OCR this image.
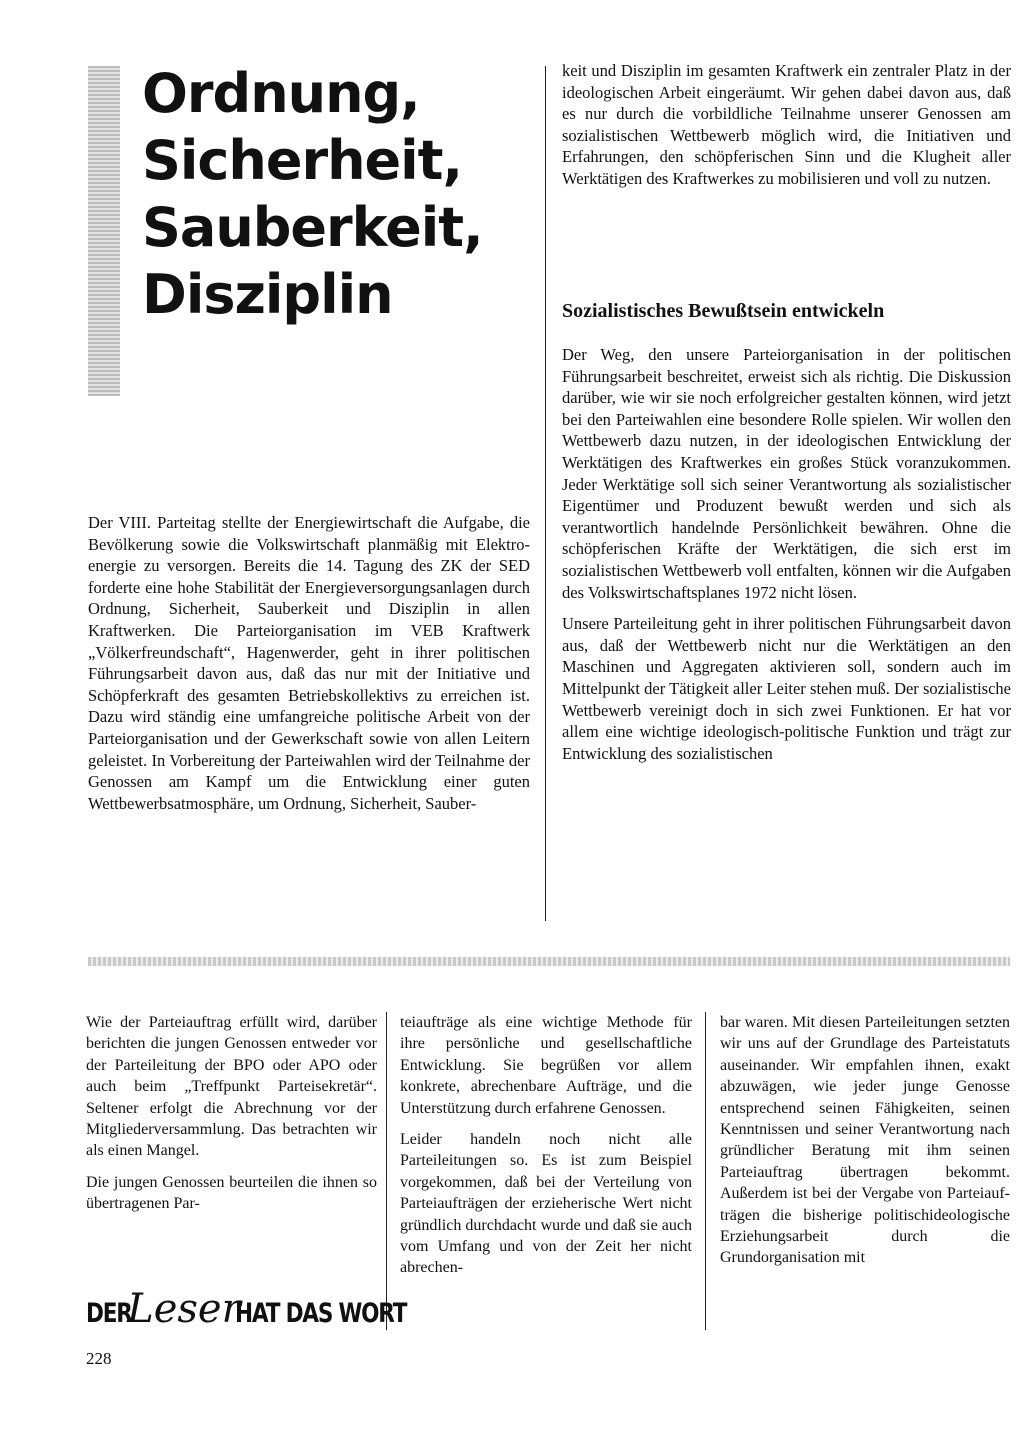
Ordnung,
Sicherheit,
Sauberkeit,
Disziplin

Der VIII. Parteitag stellte der Energiewirtschaft die Aufgabe, die Bevölkerung sowie die Volkswirtschaft planmäßig mit Elektroenergie zu versorgen. Bereits die 14. Tagung des ZK der SED forderte eine hohe Stabilität der Energieversorgungsanlagen durch Ordnung, Sicherheit, Sauberkeit und Disziplin in allen Kraftwerken. Die Parteiorganisation im VEB Kraftwerk „Völkerfreundschaft“, Hagenwerder, geht in ihrer politischen Führungsarbeit davon aus, daß das nur mit der Initiative und Schöpferkraft des gesamten Betriebskollektivs zu erreichen ist. Dazu wird ständig eine umfangreiche politische Arbeit von der Parteiorganisation und der Gewerkschaft sowie von allen Leitern geleistet. In Vorbereitung der Parteiwahlen wird der Teilnahme der Genossen am Kampf um die Entwicklung einer guten Wettbewerbsatmosphäre, um Ordnung, Sicherheit, Sauber-

keit und Disziplin im gesamten Kraftwerk ein zentraler Platz in der ideologischen Arbeit eingeräumt. Wir gehen dabei davon aus, daß es nur durch die vorbildliche Teilnahme unserer Genossen am sozialistischen Wettbewerb möglich wird, die Initiativen und Erfahrungen, den schöpferischen Sinn und die Klugheit aller Werktätigen des Kraftwerkes zu mobilisieren und voll zu nutzen.

Sozialistisches Bewußtsein entwickeln

Der Weg, den unsere Parteiorganisation in der politischen Führungsarbeit beschreitet, erweist sich als richtig. Die Diskussion darüber, wie wir sie noch erfolgreicher gestalten können, wird jetzt bei den Parteiwahlen eine besondere Rolle spielen. Wir wollen den Wettbewerb dazu nutzen, in der ideologischen Entwicklung der Werktätigen des Kraftwerkes ein großes Stück voranzukommen. Jeder Werktätige soll sich seiner Verantwortung als sozialistischer Eigentümer und Produzent bewußt werden und sich als verantwortlich handelnde Persönlichkeit bewähren. Ohne die schöpferischen Kräfte der Werktätigen, die sich erst im sozialistischen Wettbewerb voll entfalten, können wir die Aufgaben des Volkswirtschaftsplanes 1972 nicht lösen.

Unsere Parteileitung geht in ihrer politischen Führungsarbeit davon aus, daß der Wettbewerb nicht nur die Werktätigen an den Maschinen und Aggregaten aktivieren soll, sondern auch im Mittelpunkt der Tätigkeit aller Leiter stehen muß. Der sozialistische Wettbewerb vereinigt doch in sich zwei Funktionen. Er hat vor allem eine wichtige ideologisch-politische Funktion und trägt zur Entwicklung des sozialistischen

Wie der Parteiauftrag erfüllt wird, darüber berichten die jungen Genossen entweder vor der Parteileitung der BPO oder APO oder auch beim „Treffpunkt Parteisekretär“. Seltener erfolgt die Abrechnung vor der Mitgliederversammlung. Das betrachten wir als einen Mangel.

Die jungen Genossen beurteilen die ihnen so übertragenen Par-

teiaufträge als eine wichtige Methode für ihre persönliche und gesellschaftliche Entwicklung. Sie begrüßen vor allem konkrete, abrechenbare Aufträge, und die Unterstützung durch erfahrene Genossen.

Leider handeln noch nicht alle Parteileitungen so. Es ist zum Beispiel vorgekommen, daß bei der Verteilung von Parteiaufträgen der erzieherische Wert nicht gründlich durchdacht wurde und daß sie auch vom Umfang und von der Zeit her nicht abrechen-

bar waren. Mit diesen Parteileitungen setzten wir uns auf der Grundlage des Parteistatuts auseinander. Wir empfahlen ihnen, exakt abzuwägen, wie jeder junge Genosse entsprechend seinen Fähigkeiten, seinen Kenntnissen und seiner Verantwortung nach gründlicher Beratung mit ihm seinen Parteiauftrag übertragen bekommt. Außerdem ist bei der Vergabe von Parteiaufträgen die bisherige politischideologische Erziehungsarbeit durch die Grundorganisation mit

DER
Leser
HAT DAS WORT
228
